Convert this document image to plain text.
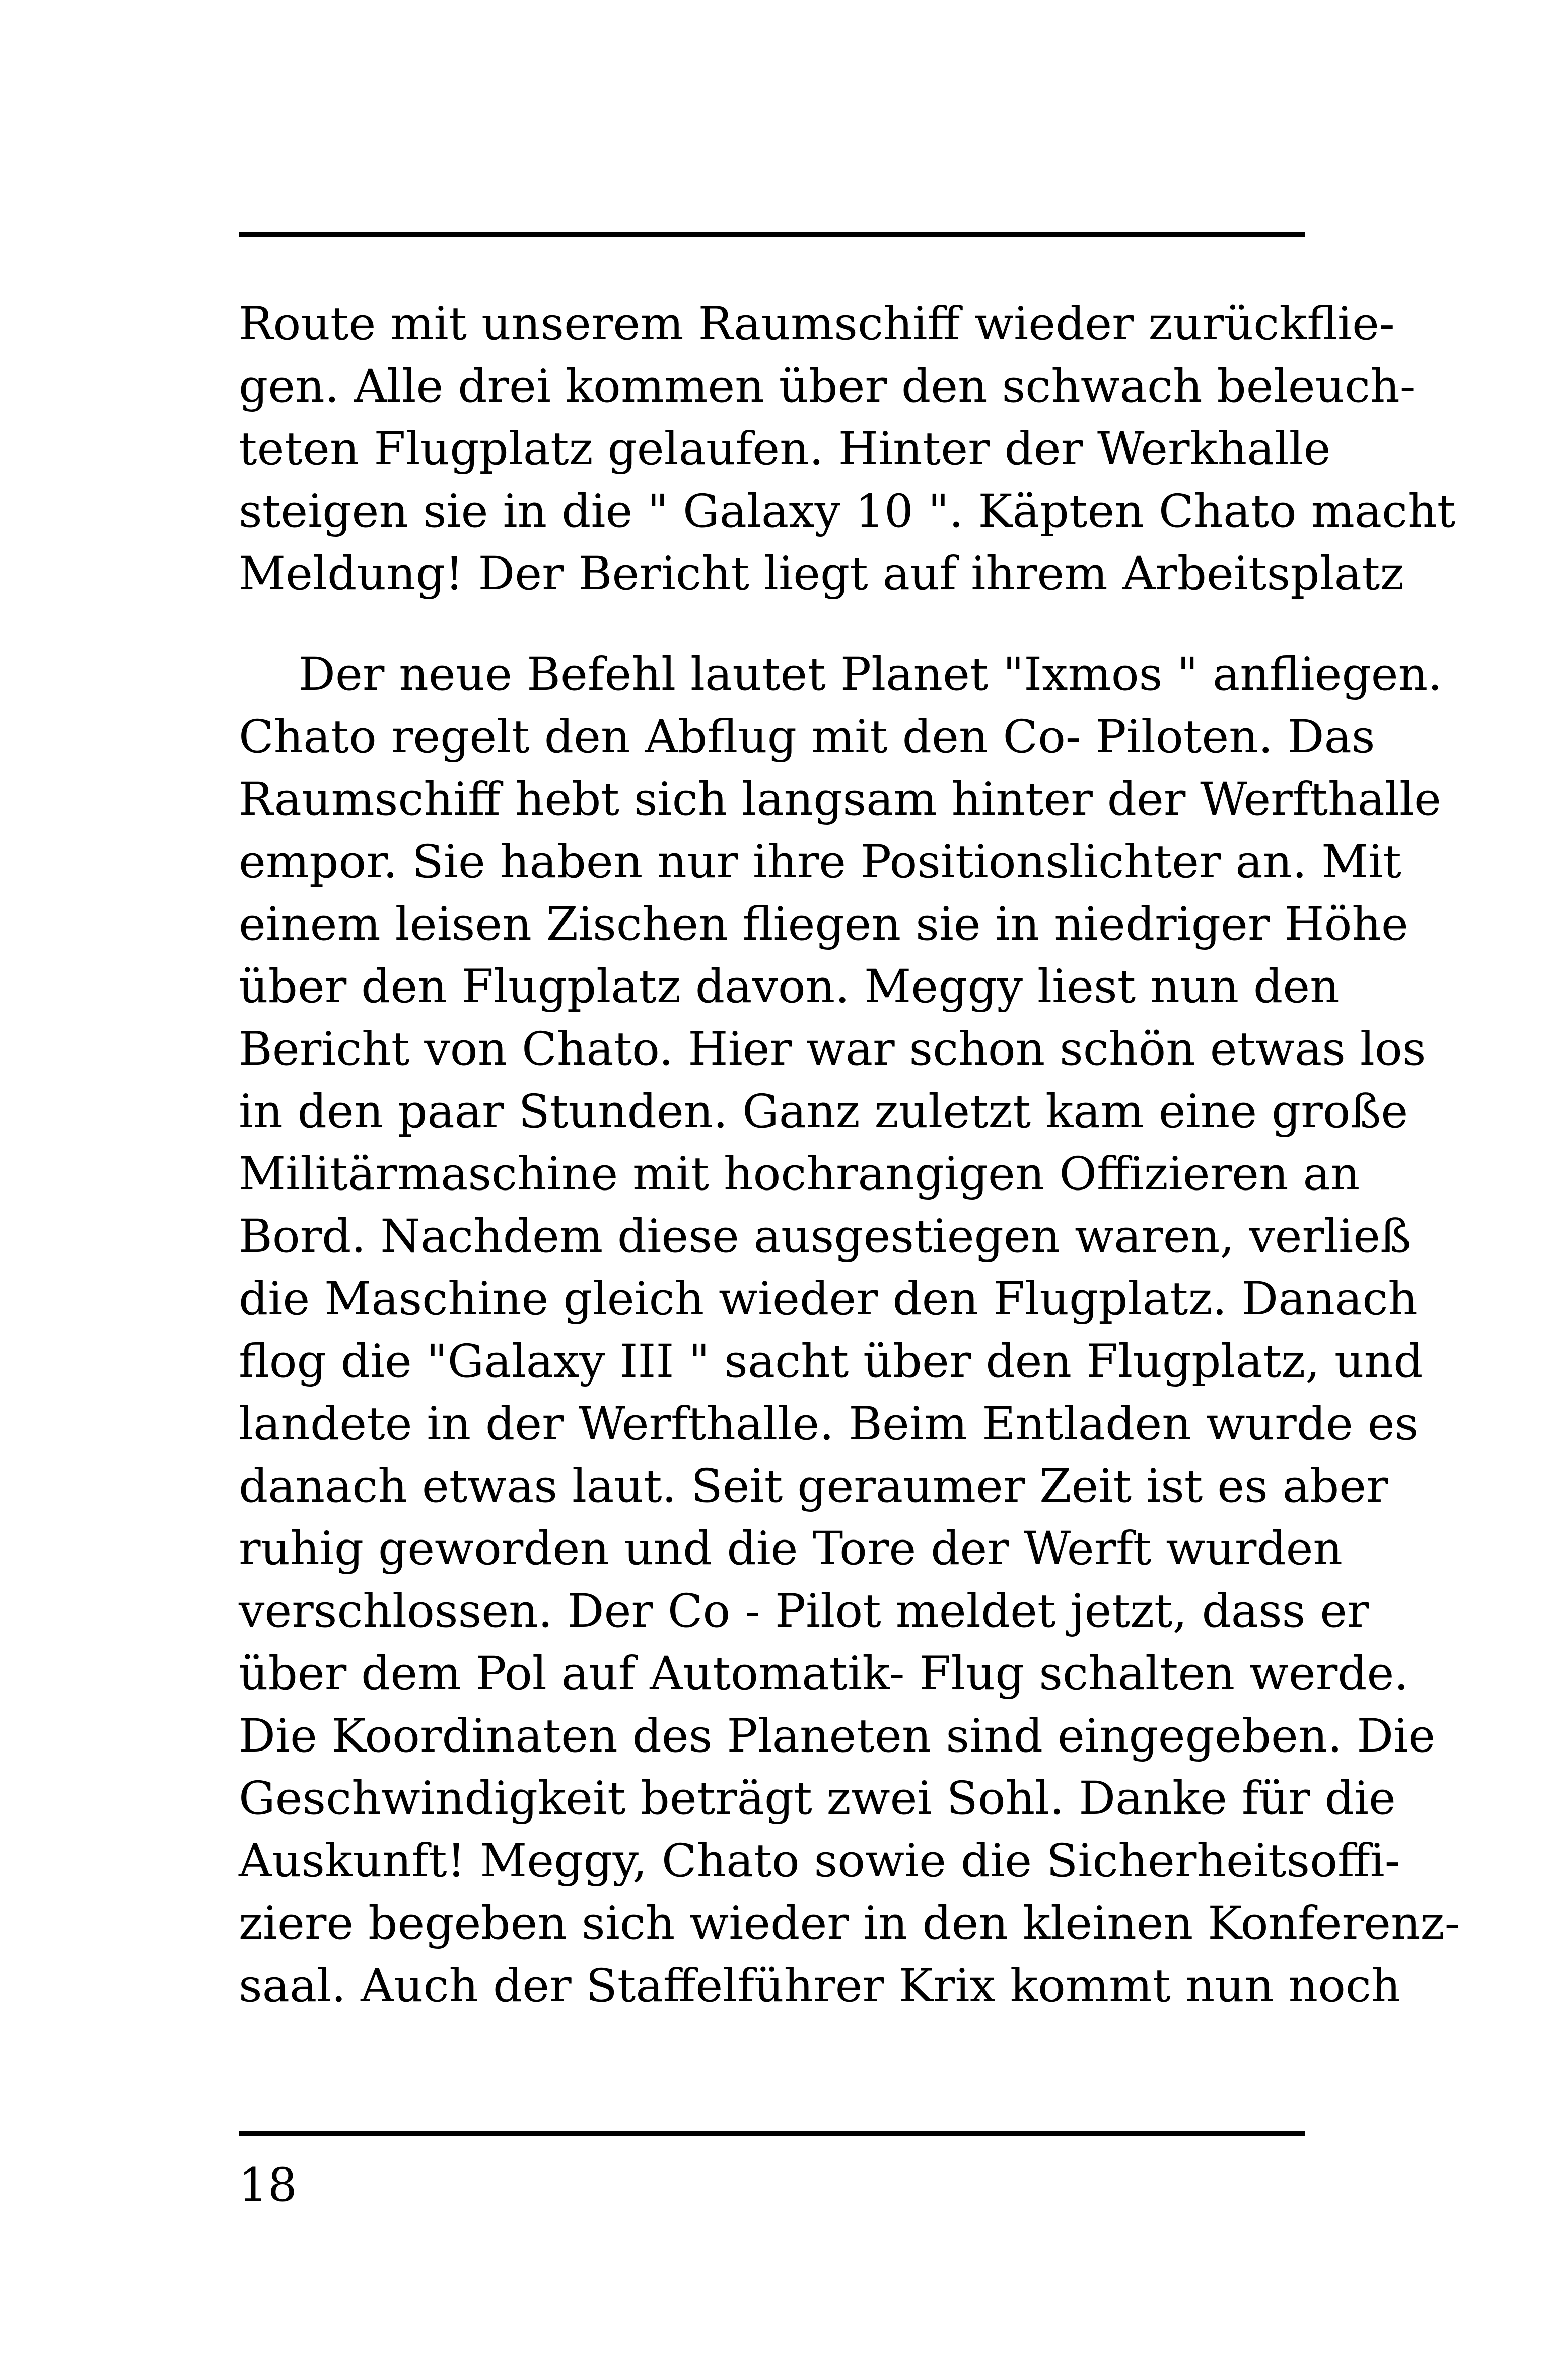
Route mit unserem Raumschiff wieder zurückflie-
gen. Alle drei kommen über den schwach beleuch-
teten Flugplatz gelaufen. Hinter der Werkhalle
steigen sie in die " Galaxy 10 ". Käpten Chato macht
Meldung! Der Bericht liegt auf ihrem Arbeitsplatz
Der neue Befehl lautet Planet "Ixmos " anfliegen.
Chato regelt den Abflug mit den Co- Piloten. Das
Raumschiff hebt sich langsam hinter der Werfthalle
empor. Sie haben nur ihre Positionslichter an. Mit
einem leisen Zischen fliegen sie in niedriger Höhe
über den Flugplatz davon. Meggy liest nun den
Bericht von Chato. Hier war schon schön etwas los
in den paar Stunden. Ganz zuletzt kam eine große
Militärmaschine mit hochrangigen Offizieren an
Bord. Nachdem diese ausgestiegen waren, verließ
die Maschine gleich wieder den Flugplatz. Danach
flog die "Galaxy III " sacht über den Flugplatz, und
landete in der Werfthalle. Beim Entladen wurde es
danach etwas laut. Seit geraumer Zeit ist es aber
ruhig geworden und die Tore der Werft wurden
verschlossen. Der Co - Pilot meldet jetzt, dass er
über dem Pol auf Automatik- Flug schalten werde.
Die Koordinaten des Planeten sind eingegeben. Die
Geschwindigkeit beträgt zwei Sohl. Danke für die
Auskunft! Meggy, Chato sowie die Sicherheitsoffi-
ziere begeben sich wieder in den kleinen Konferenz-
saal. Auch der Staffelführer Krix kommt nun noch
18
